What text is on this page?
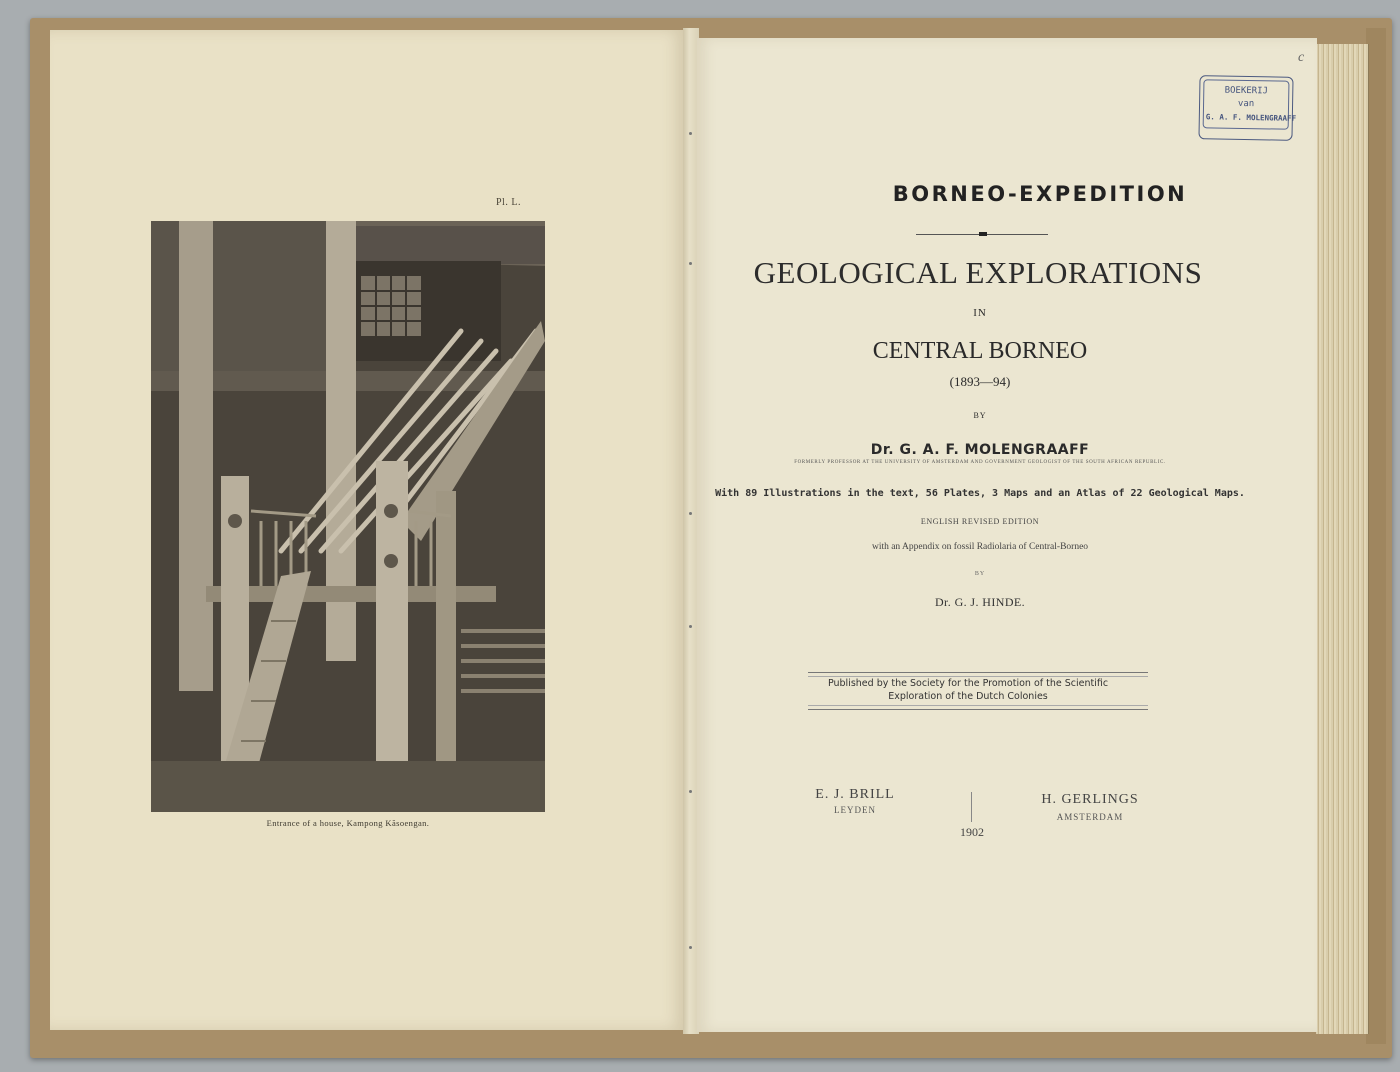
Pl. L.
Entrance of a house, Kampong Kăsoengan.
c
BOEKERIJ
van
G. A. F. MOLENGRAAFF
BORNEO-EXPEDITION
GEOLOGICAL EXPLORATIONS
IN
CENTRAL BORNEO
(1893—94)
BY
Dr. G. A. F. MOLENGRAAFF
FORMERLY PROFESSOR AT THE UNIVERSITY OF AMSTERDAM AND GOVERNMENT GEOLOGIST OF THE SOUTH AFRICAN REPUBLIC.
With 89 Illustrations in the text, 56 Plates, 3 Maps and an Atlas of 22 Geological Maps.
ENGLISH REVISED EDITION
with an Appendix on fossil Radiolaria of Central-Borneo
BY
Dr. G. J. HINDE.
Published by the Society for the Promotion of the Scientific
Exploration of the Dutch Colonies
E. J. BRILL
LEYDEN
H. GERLINGS
AMSTERDAM
1902
